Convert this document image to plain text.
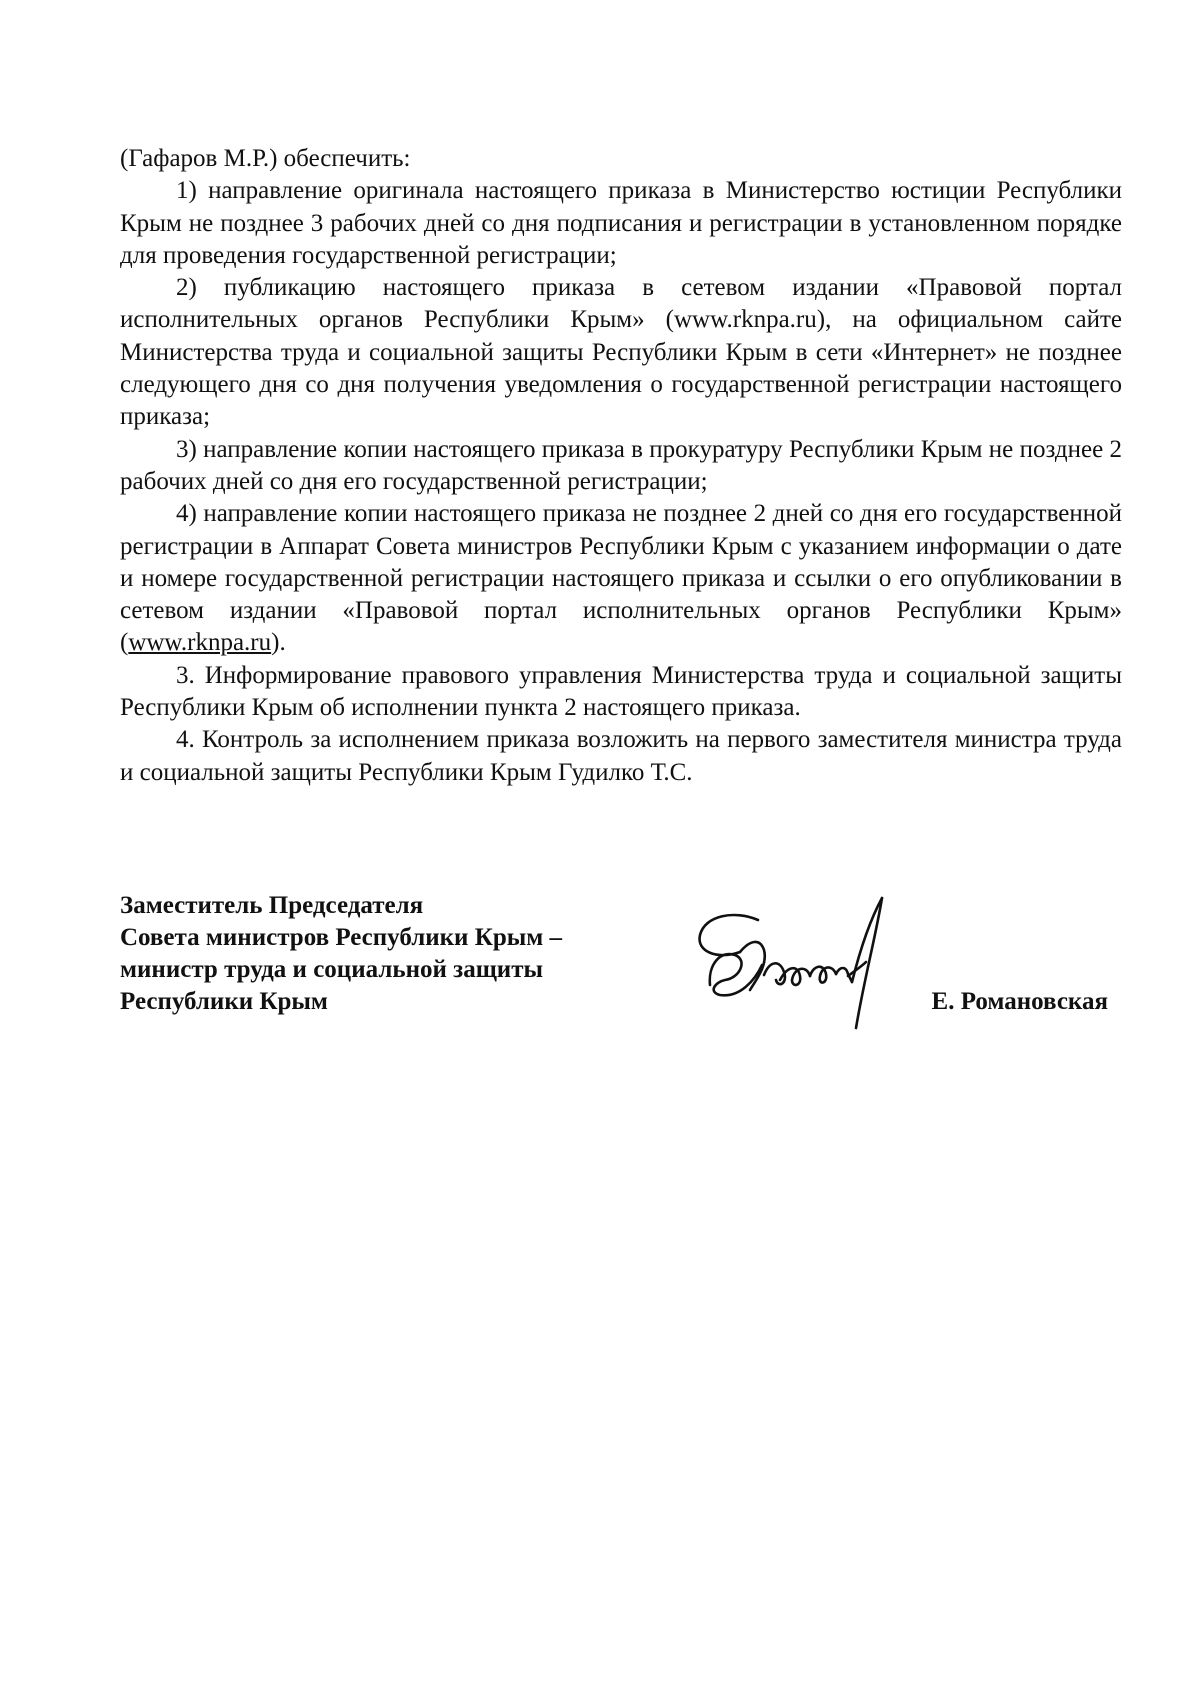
(Гафаров М.Р.) обеспечить:

1) направление оригинала настоящего приказа в Министерство юстиции Республики Крым не позднее 3 рабочих дней со дня подписания и регистрации в установленном порядке для проведения государственной регистрации;

2) публикацию настоящего приказа в сетевом издании «Правовой портал исполнительных органов Республики Крым» (www.rknpa.ru), на официальном сайте Министерства труда и социальной защиты Республики Крым в сети «Интернет» не позднее следующего дня со дня получения уведомления о государственной регистрации настоящего приказа;

3) направление копии настоящего приказа в прокуратуру Республики Крым не позднее 2 рабочих дней со дня его государственной регистрации;

4) направление копии настоящего приказа не позднее 2 дней со дня его государственной регистрации в Аппарат Совета министров Республики Крым с указанием информации о дате и номере государственной регистрации настоящего приказа и ссылки о его опубликовании в сетевом издании «Правовой портал исполнительных органов Республики Крым» (www.rknpa.ru).

3. Информирование правового управления Министерства труда и социальной защиты Республики Крым об исполнении пункта 2 настоящего приказа.

4. Контроль за исполнением приказа возложить на первого заместителя министра труда и социальной защиты Республики Крым Гудилко Т.С.

Заместитель Председателя
Совета министров Республики Крым –
министр труда и социальной защиты
Республики Крым	Е. Романовская
